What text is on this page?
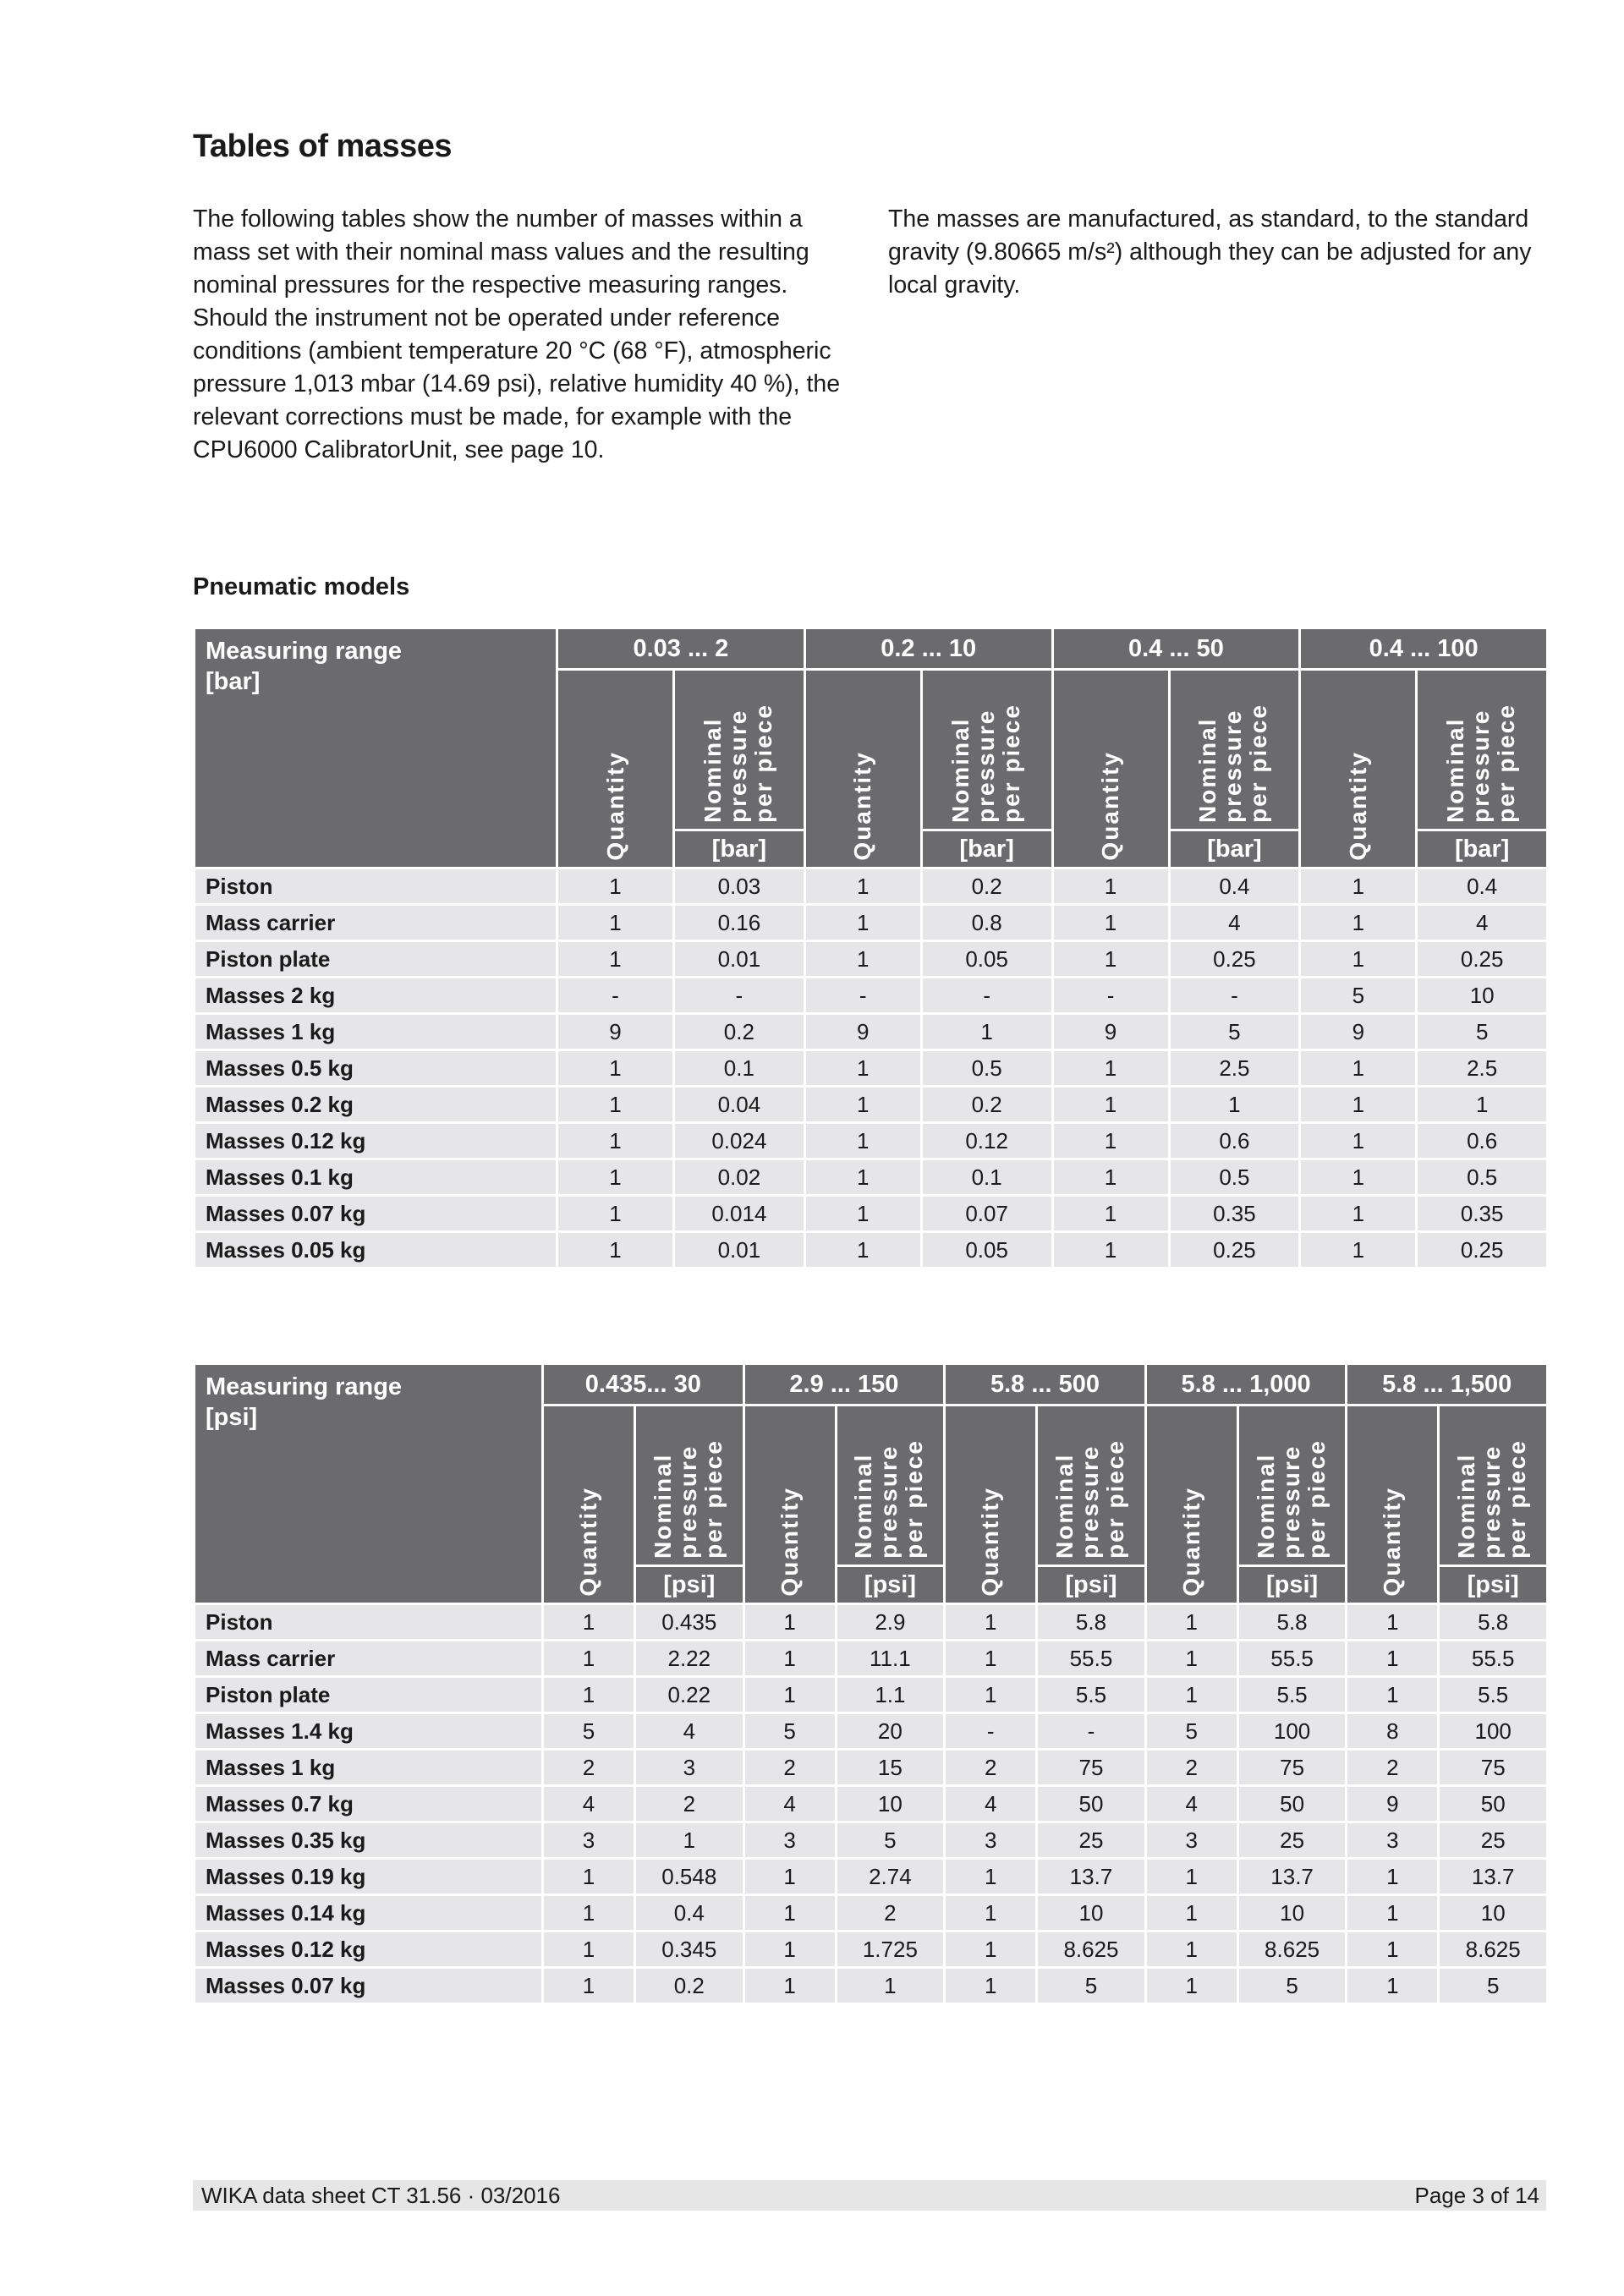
Tables of masses

The following tables show the number of masses within a mass set with their nominal mass values and the resulting nominal pressures for the respective measuring ranges. Should the instrument not be operated under reference conditions (ambient temperature 20 °C (68 °F), atmospheric pressure 1,013 mbar (14.69 psi), relative humidity 40 %), the relevant corrections must be made, for example with the CPU6000 CalibratorUnit, see page 10.

The masses are manufactured, as standard, to the standard gravity (9.80665 m/s²) although they can be adjusted for any local gravity.

Pneumatic models
Measuring range
[bar]	0.03 ... 2		0.2 ... 10		0.4 ... 50		0.4 ... 100	
	Quantity	Nominal pressure per piece	Quantity	Nominal pressure per piece	Quantity	Nominal pressure per piece	Quantity	Nominal pressure per piece
		[bar]		[bar]		[bar]		[bar]
Piston	1	0.03	1	0.2	1	0.4	1	0.4
Mass carrier	1	0.16	1	0.8	1	4	1	4
Piston plate	1	0.01	1	0.05	1	0.25	1	0.25
Masses 2 kg	-	-	-	-	-	-	5	10
Masses 1 kg	9	0.2	9	1	9	5	9	5
Masses 0.5 kg	1	0.1	1	0.5	1	2.5	1	2.5
Masses 0.2 kg	1	0.04	1	0.2	1	1	1	1
Masses 0.12 kg	1	0.024	1	0.12	1	0.6	1	0.6
Masses 0.1 kg	1	0.02	1	0.1	1	0.5	1	0.5
Masses 0.07 kg	1	0.014	1	0.07	1	0.35	1	0.35
Masses 0.05 kg	1	0.01	1	0.05	1	0.25	1	0.25
Measuring range
[psi]	0.435... 30		2.9 ... 150		5.8 ... 500		5.8 ... 1,000		5.8 ... 1,500	
	Quantity	Nominal pressure per piece	Quantity	Nominal pressure per piece	Quantity	Nominal pressure per piece	Quantity	Nominal pressure per piece	Quantity	Nominal pressure per piece
		[psi]		[psi]		[psi]		[psi]		[psi]
Piston	1	0.435	1	2.9	1	5.8	1	5.8	1	5.8
Mass carrier	1	2.22	1	11.1	1	55.5	1	55.5	1	55.5
Piston plate	1	0.22	1	1.1	1	5.5	1	5.5	1	5.5
Masses 1.4 kg	5	4	5	20	-	-	5	100	8	100
Masses 1 kg	2	3	2	15	2	75	2	75	2	75
Masses 0.7 kg	4	2	4	10	4	50	4	50	9	50
Masses 0.35 kg	3	1	3	5	3	25	3	25	3	25
Masses 0.19 kg	1	0.548	1	2.74	1	13.7	1	13.7	1	13.7
Masses 0.14 kg	1	0.4	1	2	1	10	1	10	1	10
Masses 0.12 kg	1	0.345	1	1.725	1	8.625	1	8.625	1	8.625
Masses 0.07 kg	1	0.2	1	1	1	5	1	5	1	5
WIKA data sheet CT 31.56 · 03/2016	Page 3 of 14
